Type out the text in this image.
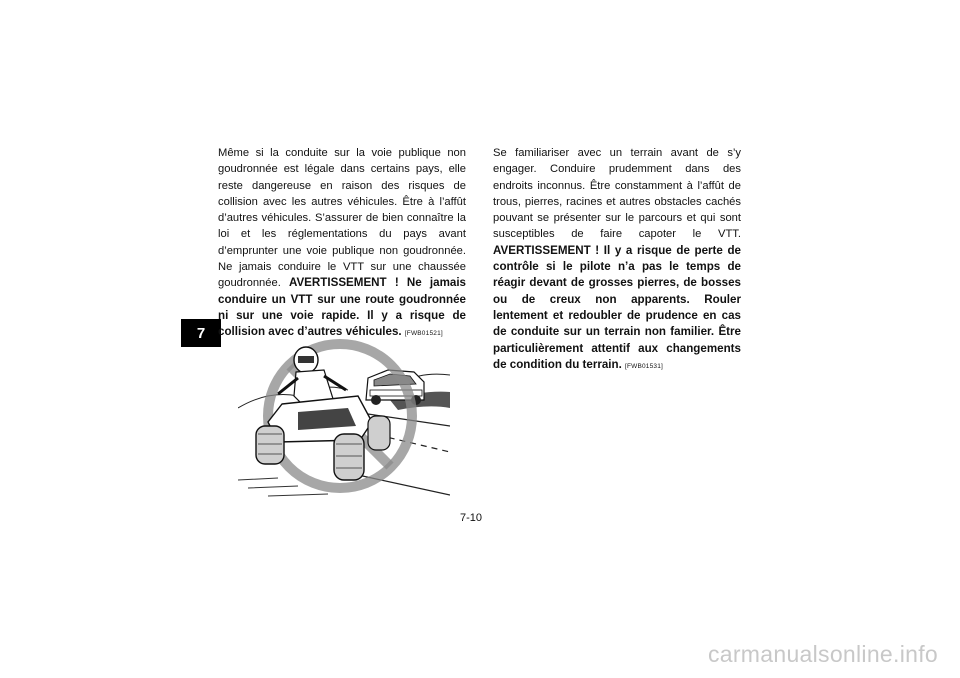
7

Même si la conduite sur la voie publique non goudronnée est légale dans certains pays, elle reste dangereuse en raison des risques de collision avec les autres véhicules. Être à l’affût d’autres véhicules. S’assurer de bien connaître la loi et les réglementations du pays avant d’emprunter une voie publique non goudronnée. Ne jamais conduire le VTT sur une chaussée goudronnée. AVERTISSEMENT ! Ne jamais conduire un VTT sur une route goudronnée ni sur une voie rapide. Il y a risque de collision avec d’autres véhicules. [FWB01521]

Se familiariser avec un terrain avant de s’y engager. Conduire prudemment dans des endroits inconnus. Être constamment à l’affût de trous, pierres, racines et autres obstacles cachés pouvant se présenter sur le parcours et qui sont susceptibles de faire capoter le VTT. AVERTISSEMENT ! Il y a risque de perte de contrôle si le pilote n’a pas le temps de réagir devant de grosses pierres, de bosses ou de creux non apparents. Rouler lentement et redoubler de prudence en cas de conduite sur un terrain non familier. Être particulièrement attentif aux changements de condition du terrain. [FWB01531]

7-10
carmanualsonline.info
